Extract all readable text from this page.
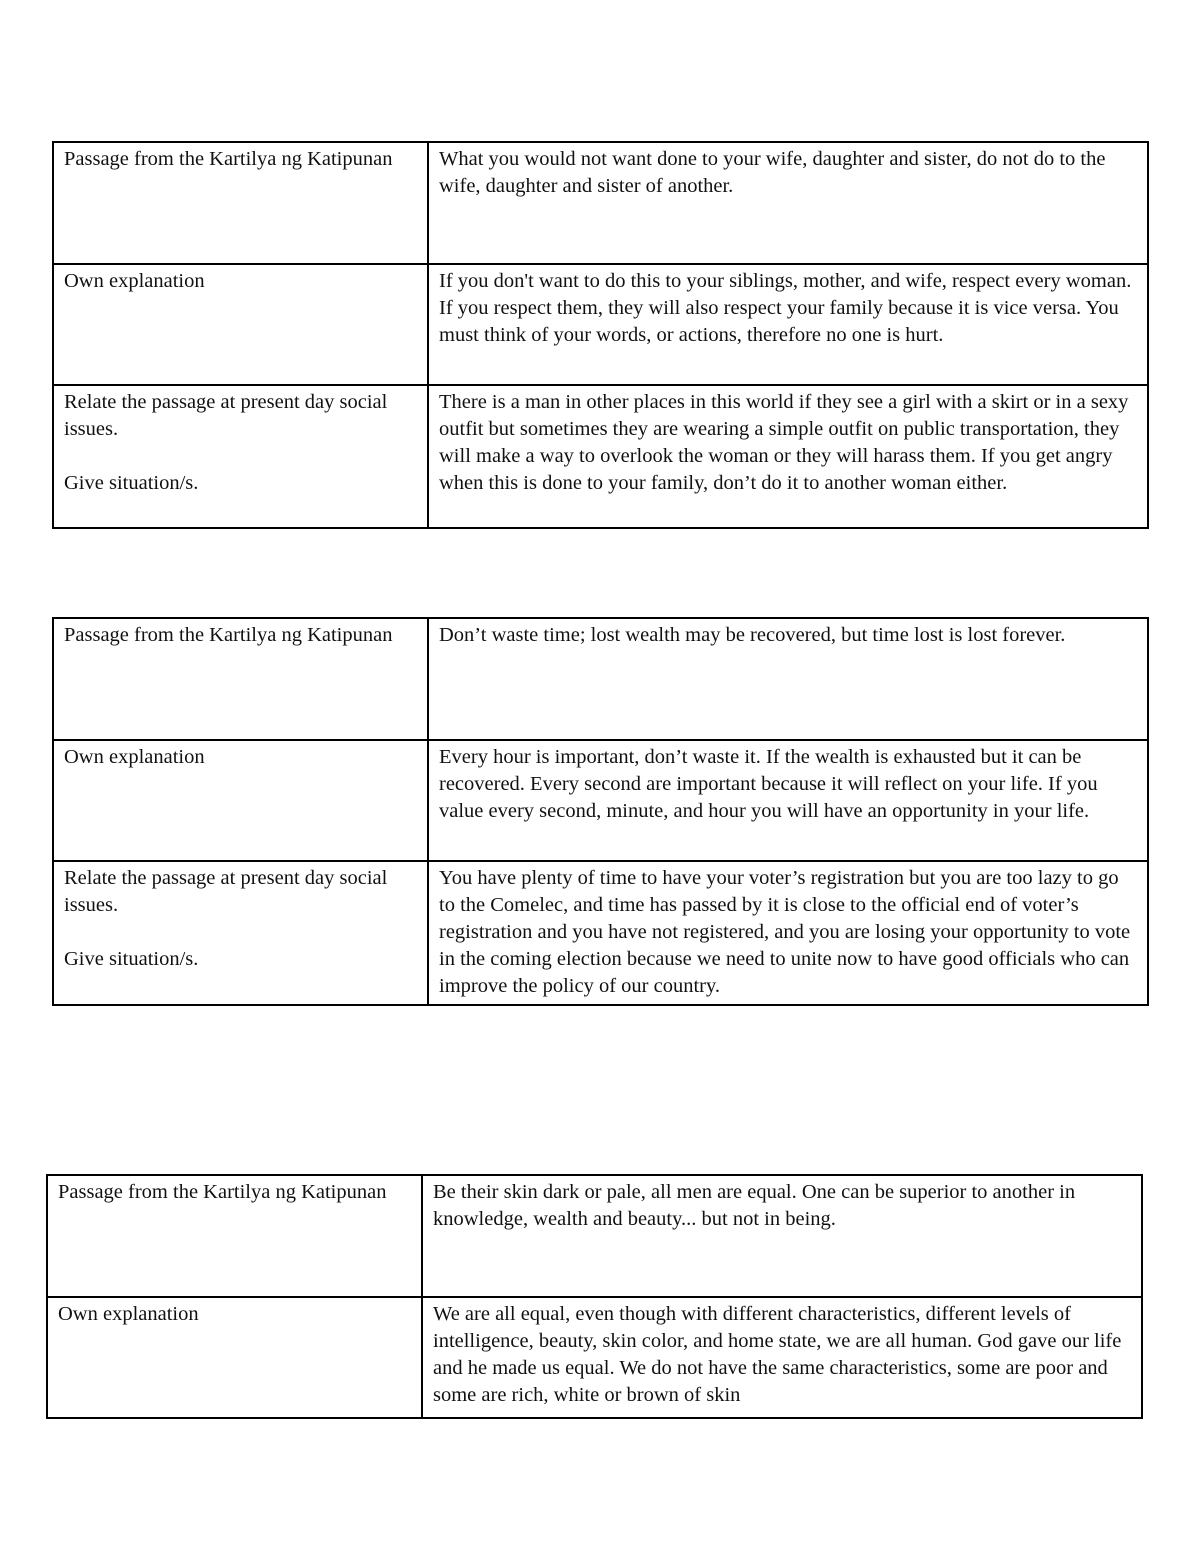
Passage from the Kartilya ng Katipunan	What you would not want done to your wife, daughter and sister, do not do to the wife, daughter and sister of another.
Own explanation	If you don't want to do this to your siblings, mother, and wife, respect every woman. If you respect them, they will also respect your family because it is vice versa. You must think of your words, or actions, therefore no one is hurt.
Relate the passage at present day social issues.
Give situation/s.	There is a man in other places in this world if they see a girl with a skirt or in a sexy outfit but sometimes they are wearing a simple outfit on public transportation, they will make a way to overlook the woman or they will harass them. If you get angry when this is done to your family, don’t do it to another woman either.
Passage from the Kartilya ng Katipunan	Don’t waste time; lost wealth may be recovered, but time lost is lost forever.
Own explanation	Every hour is important, don’t waste it. If the wealth is exhausted but it can be recovered. Every second are important because it will reflect on your life. If you value every second, minute, and hour you will have an opportunity in your life.
Relate the passage at present day social issues.
Give situation/s.	You have plenty of time to have your voter’s registration but you are too lazy to go to the Comelec, and time has passed by it is close to the official end of voter’s registration and you have not registered, and you are losing your opportunity to vote in the coming election because we need to unite now to have good officials who can improve the policy of our country.
Passage from the Kartilya ng Katipunan	Be their skin dark or pale, all men are equal. One can be superior to another in knowledge, wealth and beauty... but not in being.
Own explanation	We are all equal, even though with different characteristics, different levels of intelligence, beauty, skin color, and home state, we are all human. God gave our life and he made us equal. We do not have the same characteristics, some are poor and some are rich, white or brown of skin
